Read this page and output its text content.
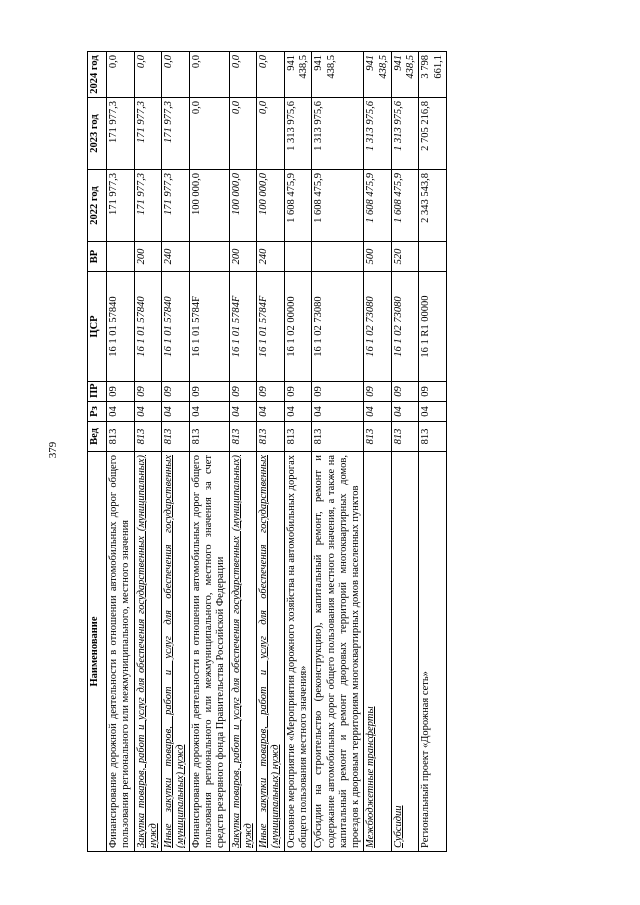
379
Наименование	Вед	Рз	ПР	ЦСР	ВР	2022 год	2023 год	2024 год
Финансирование дорожной деятельности в отношении автомобильных дорог общего пользования регионального или межмуниципального, местного значения	813	04	09	16 1 01 57840		171 977,3	171 977,3	0,0
Закупка товаров, работ и услуг для обеспечения государственных (муниципальных) нужд	813	04	09	16 1 01 57840	200	171 977,3	171 977,3	0,0
Иные закупки товаров, работ и услуг для обеспечения государственных (муниципальных) нужд	813	04	09	16 1 01 57840	240	171 977,3	171 977,3	0,0
Финансирование дорожной деятельности в отношении автомобильных дорог общего пользования регионального или межмуниципального, местного значения за счет средств резервного фонда Правительства Российской Федерации	813	04	09	16 1 01 5784F		100 000,0	0,0	0,0
Закупка товаров, работ и услуг для обеспечения государственных (муниципальных) нужд	813	04	09	16 1 01 5784F	200	100 000,0	0,0	0,0
Иные закупки товаров, работ и услуг для обеспечения государственных (муниципальных) нужд	813	04	09	16 1 01 5784F	240	100 000,0	0,0	0,0
Основное мероприятие «Мероприятия дорожного хозяйства на автомобильных дорогах общего пользования местного значения»	813	04	09	16 1 02 00000		1 608 475,9	1 313 975,6	941 438,5
Субсидии на строительство (реконструкцию), капитальный ремонт, ремонт и содержание автомобильных дорог общего пользования местного значения, а также на капитальный ремонт и ремонт дворовых территорий многоквартирных домов, проездов к дворовым территориям многоквартирных домов населенных пунктов	813	04	09	16 1 02 73080		1 608 475,9	1 313 975,6	941 438,5
Межбюджетные трансферты	813	04	09	16 1 02 73080	500	1 608 475,9	1 313 975,6	941 438,5
Субсидии	813	04	09	16 1 02 73080	520	1 608 475,9	1 313 975,6	941 438,5
Региональный проект «Дорожная сеть»	813	04	09	16 1 R1 00000		2 343 543,8	2 705 216,8	3 798 661,1
